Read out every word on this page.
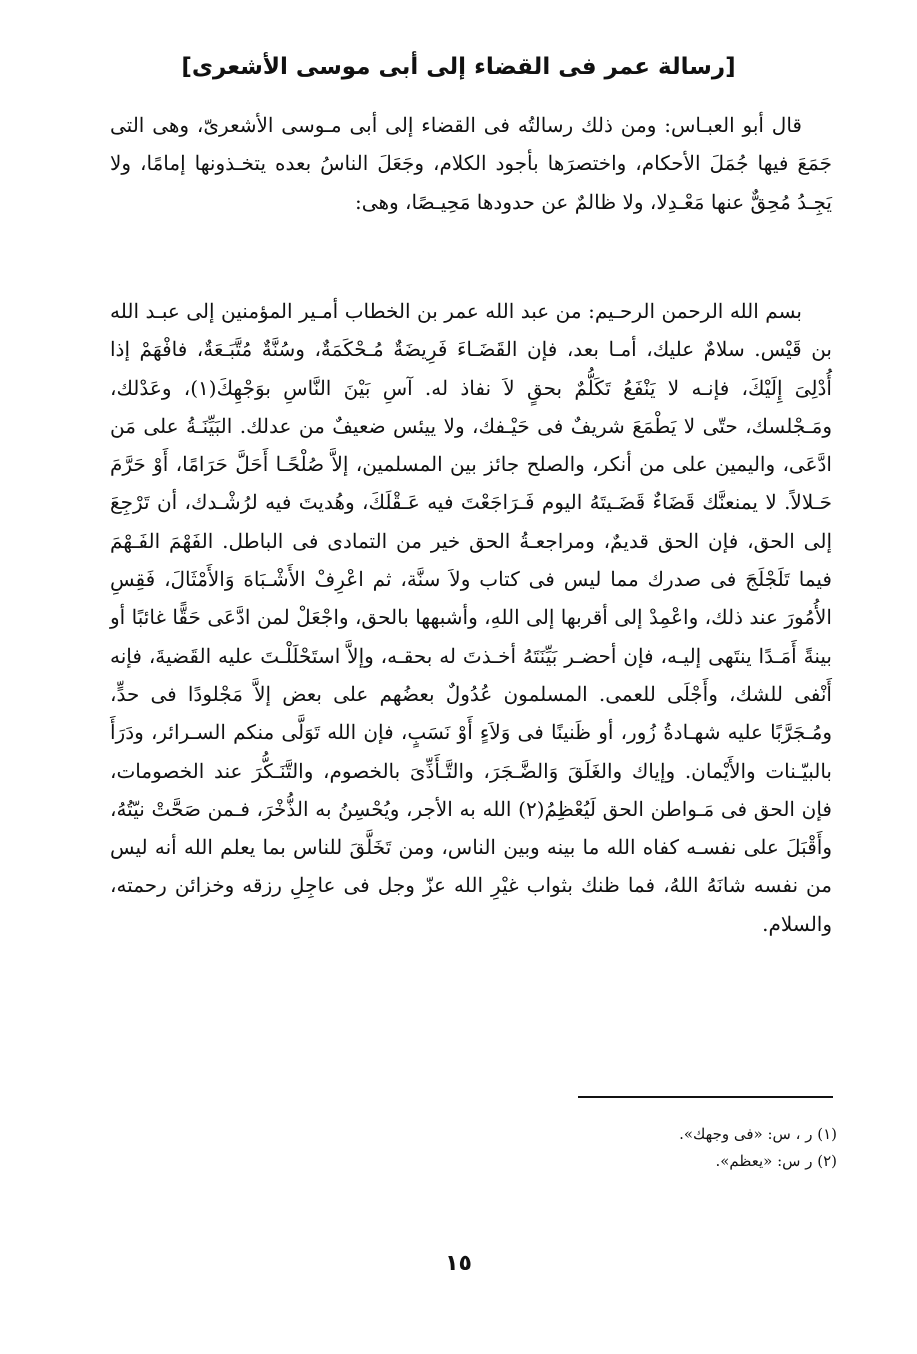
[رسالة عمر فى القضاء إلى أبى موسى الأشعرى]

قال أبو العبـاس: ومن ذلك رسالتُه فى القضاء إلى أبى مـوسى الأشعرىّ، وهى التى جَمَعَ فيها جُمَلَ الأحكام، واختصرَها بأجود الكلام، وجَعَلَ الناسُ بعده يتخـذونها إمامًا، ولا يَجِـدُ مُحِقٌّ عنها مَعْـدِلا، ولا ظالمٌ عن حدودها مَحِيـصًا، وهى:

بسم الله الرحمن الرحـيم: من عبد الله عمر بن الخطاب أمـير المؤمنين إلى عبـد الله بن قَيْس. سلامٌ عليك، أمـا بعد، فإن القَضَـاءَ فَرِيضَةٌ مُـحْكَمَةٌ، وسُنَّةٌ مُتَّبَـعَةٌ، فافْهَمْ إذا أُدْلِىَ إِلَيْكَ، فإنـه لا يَنْفَعُ تَكَلُّمٌ بحقٍ لاَ نفاذ له. آسِ بَيْنَ النَّاسِ بوَجْهِكَ(١)، وعَدْلك، ومَـجْلسك، حتّى لا يَطْمَعَ شريفٌ فى حَيْـفك، ولا ييئس ضعيفٌ من عدلك. البَيِّنَـةُ على مَن ادَّعَى، واليمين على من أنكر، والصلح جائز بين المسلمين، إلاَّ صُلْحًـا أَحَلَّ حَرَامًا، أَوْ حَرَّمَ حَـلالاً. لا يمنعنَّك قَضَاءٌ قَضَـيتَهُ اليوم فَـرَاجَعْتَ فيه عَـقْلَكَ، وهُديتَ فيه لرُشْـدك، أن تَرْجِعَ إلى الحق، فإن الحق قديمٌ، ومراجعـةُ الحق خير من التمادى فى الباطل. الفَهْمَ الفَـهْمَ فيما تَلَجْلَجَ فى صدرك مما ليس فى كتاب ولاَ سنَّة، ثم اعْرِفْ الأَشْـبَاهَ وَالأَمْثَالَ، فَقِسِ الأُمُورَ عند ذلك، واعْمِدْ إلى أقربها إلى اللهِ، وأشبهها بالحق، واجْعَلْ لمن ادَّعَى حَقًّا غائبًا أو بينةً أَمَـدًا ينتَهى إليـه، فإن أحضـر بَيِّنَتَهُ أخـذتَ له بحقـه، وإلاَّ استَحْلَلْـتَ عليه القَضيةَ، فإنه أَنْفى للشك، وأَجْلَى للعمى. المسلمون عُدُولٌ بعضُهم على بعض إلاَّ مَجْلودًا فى حدٍّ، ومُـجَرَّبًا عليه شهـادةُ زُور، أو ظَنينًا فى وَلاَءٍ أَوْ نَسَبٍ، فإن الله تَوَلَّى منكم السـرائر، ودَرَأَ بالبيّـنات والأَيْمان. وإياك والغَلَقَ وَالضَّـجَرَ، والتَّـأَذِّىَ بالخصوم، والتَّنَـكُّرَ عند الخصومات، فإن الحق فى مَـواطن الحق لَيُعْظِمُ(٢) الله به الأجر، ويُحْسِنُ به الذُّخْرَ، فـمن صَحَّتْ نيّتُهُ، وأَقْبَلَ على نفسـه كفاه الله ما بينه وبين الناس، ومن تَخَلَّقَ للناس بما يعلم الله أنه ليس من نفسه شانَهُ اللهُ، فما ظنك بثواب غيْرِ الله عزّ وجل فى عاجِلِ رزقه وخزائن رحمته، والسلام.

(١) ر ، س: «فى وجهك».
(٢) ر س: «يعظم».
١٥
